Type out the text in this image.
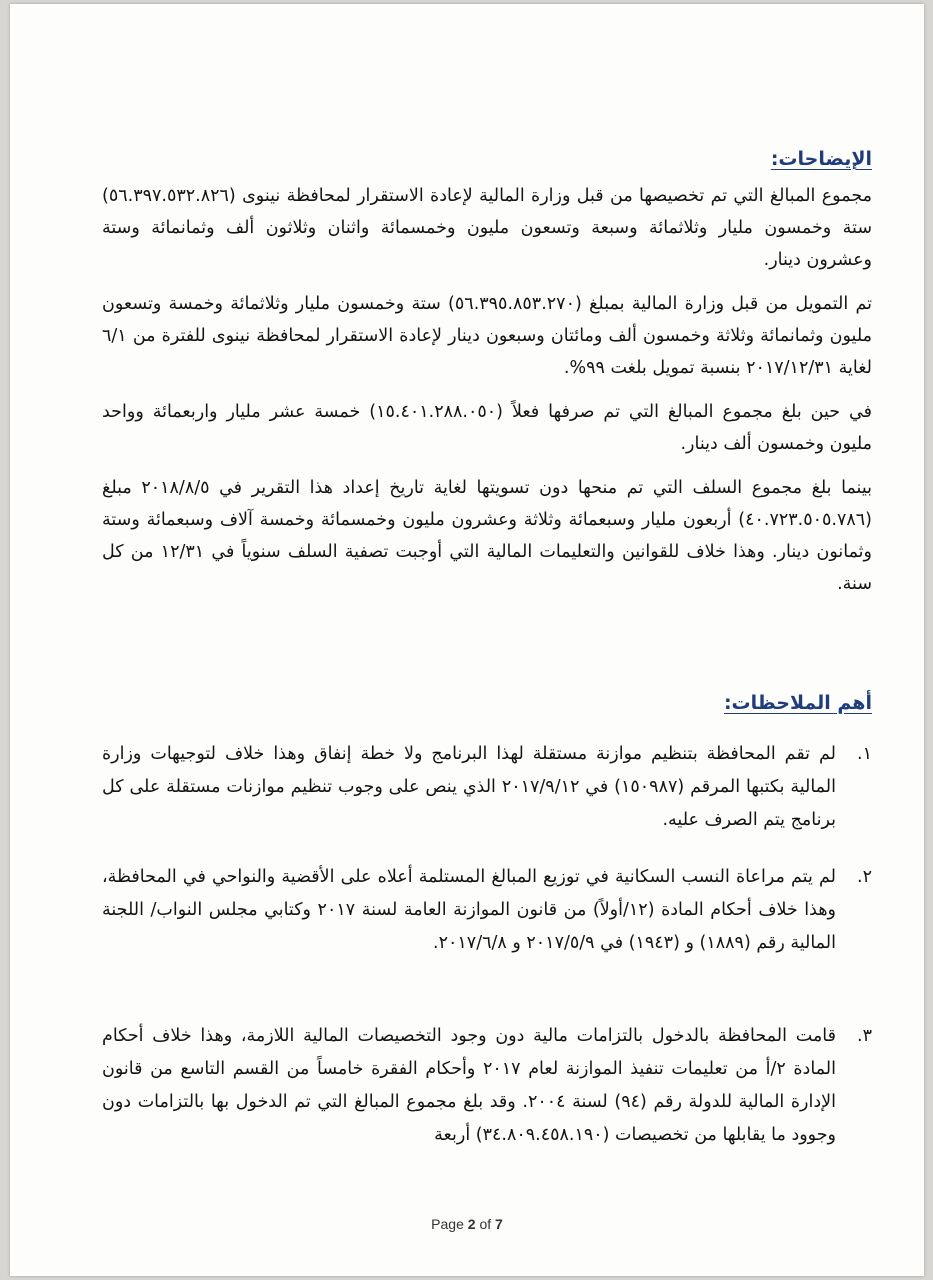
الإيضاحات:

مجموع المبالغ التي تم تخصيصها من قبل وزارة المالية لإعادة الاستقرار لمحافظة نينوى (٥٦.٣٩٧.٥٣٢.٨٢٦) ستة وخمسون مليار وثلاثمائة وسبعة وتسعون مليون وخمسمائة واثنان وثلاثون ألف وثمانمائة وستة وعشرون دينار.

تم التمويل من قبل وزارة المالية بمبلغ (٥٦.٣٩٥.٨٥٣.٢٧٠) ستة وخمسون مليار وثلاثمائة وخمسة وتسعون مليون وثمانمائة وثلاثة وخمسون ألف ومائتان وسبعون دينار لإعادة الاستقرار لمحافظة نينوى للفترة من ٦/١ لغاية ٢٠١٧/١٢/٣١ بنسبة تمويل بلغت ٩٩%.

في حين بلغ مجموع المبالغ التي تم صرفها فعلاً (١٥.٤٠١.٢٨٨.٠٥٠) خمسة عشر مليار واربعمائة وواحد مليون وخمسون ألف دينار.

بينما بلغ مجموع السلف التي تم منحها دون تسويتها لغاية تاريخ إعداد هذا التقرير في ٢٠١٨/٨/٥ مبلغ (٤٠.٧٢٣.٥٠٥.٧٨٦) أربعون مليار وسبعمائة وثلاثة وعشرون مليون وخمسمائة وخمسة آلاف وسبعمائة وستة وثمانون دينار. وهذا خلاف للقوانين والتعليمات المالية التي أوجبت تصفية السلف سنوياً في ١٢/٣١ من كل سنة.

أهم الملاحظات:
١.
لم تقم المحافظة بتنظيم موازنة مستقلة لهذا البرنامج ولا خطة إنفاق وهذا خلاف لتوجيهات وزارة المالية بكتبها المرقم (١٥٠٩٨٧) في ٢٠١٧/٩/١٢ الذي ينص على وجوب تنظيم موازنات مستقلة على كل برنامج يتم الصرف عليه.
٢.
لم يتم مراعاة النسب السكانية في توزيع المبالغ المستلمة أعلاه على الأقضية والنواحي في المحافظة، وهذا خلاف أحكام المادة (١٢/أولاً) من قانون الموازنة العامة لسنة ٢٠١٧ وكتابي مجلس النواب/ اللجنة المالية رقم (١٨٨٩) و (١٩٤٣) في ٢٠١٧/٥/٩ و ٢٠١٧/٦/٨.
٣.
قامت المحافظة بالدخول بالتزامات مالية دون وجود التخصيصات المالية اللازمة، وهذا خلاف أحكام المادة ٢/أ من تعليمات تنفيذ الموازنة لعام ٢٠١٧ وأحكام الفقرة خامساً من القسم التاسع من قانون الإدارة المالية للدولة رقم (٩٤) لسنة ٢٠٠٤. وقد بلغ مجموع المبالغ التي تم الدخول بها بالتزامات دون وجوود ما يقابلها من تخصيصات (٣٤.٨٠٩.٤٥٨.١٩٠) أربعة
Page 2 of 7
